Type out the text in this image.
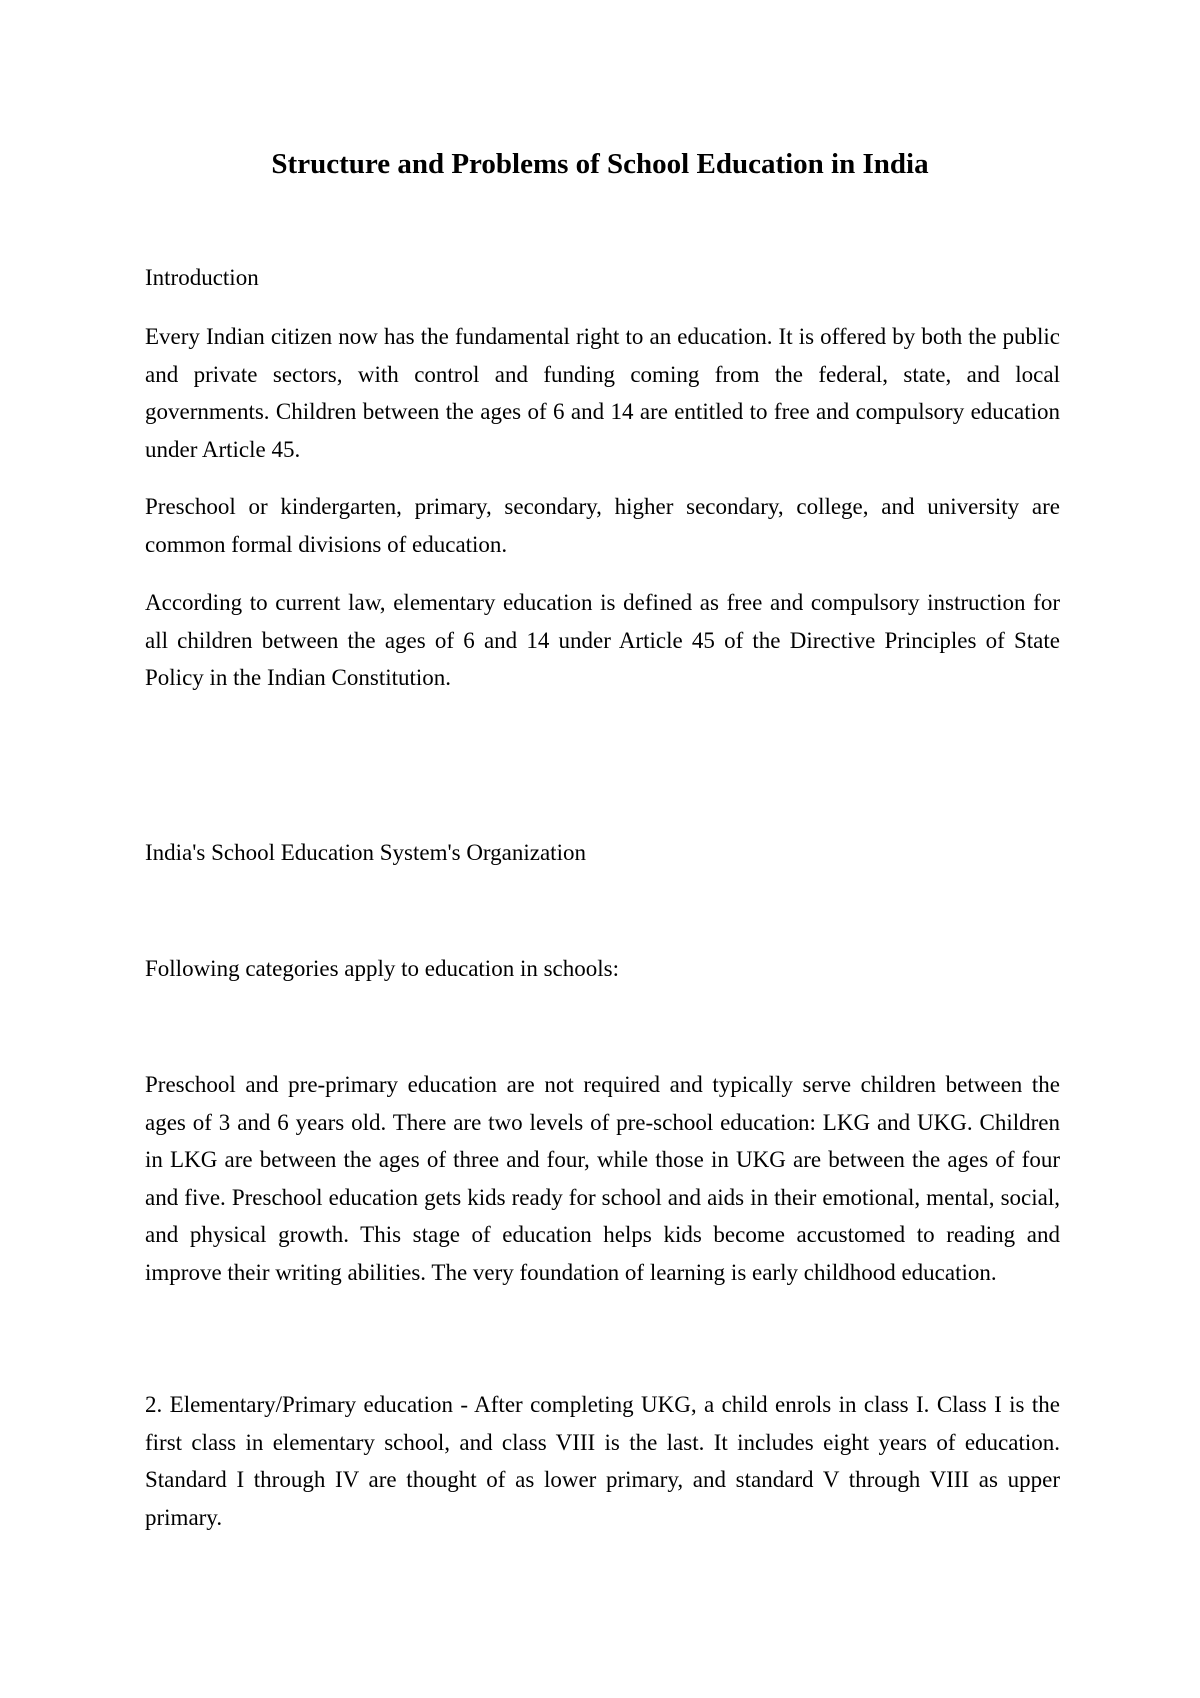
Structure and Problems of School Education in India

Introduction

Every Indian citizen now has the fundamental right to an education. It is offered by both the public and private sectors, with control and funding coming from the federal, state, and local governments. Children between the ages of 6 and 14 are entitled to free and compulsory education under Article 45.

Preschool or kindergarten, primary, secondary, higher secondary, college, and university are common formal divisions of education.

According to current law, elementary education is defined as free and compulsory instruction for all children between the ages of 6 and 14 under Article 45 of the Directive Principles of State Policy in the Indian Constitution.

India's School Education System's Organization

Following categories apply to education in schools:

Preschool and pre-primary education are not required and typically serve children between the ages of 3 and 6 years old. There are two levels of pre-school education: LKG and UKG. Children in LKG are between the ages of three and four, while those in UKG are between the ages of four and five. Preschool education gets kids ready for school and aids in their emotional, mental, social, and physical growth. This stage of education helps kids become accustomed to reading and improve their writing abilities. The very foundation of learning is early childhood education.

2. Elementary/Primary education - After completing UKG, a child enrols in class I. Class I is the first class in elementary school, and class VIII is the last. It includes eight years of education. Standard I through IV are thought of as lower primary, and standard V through VIII as upper primary.
